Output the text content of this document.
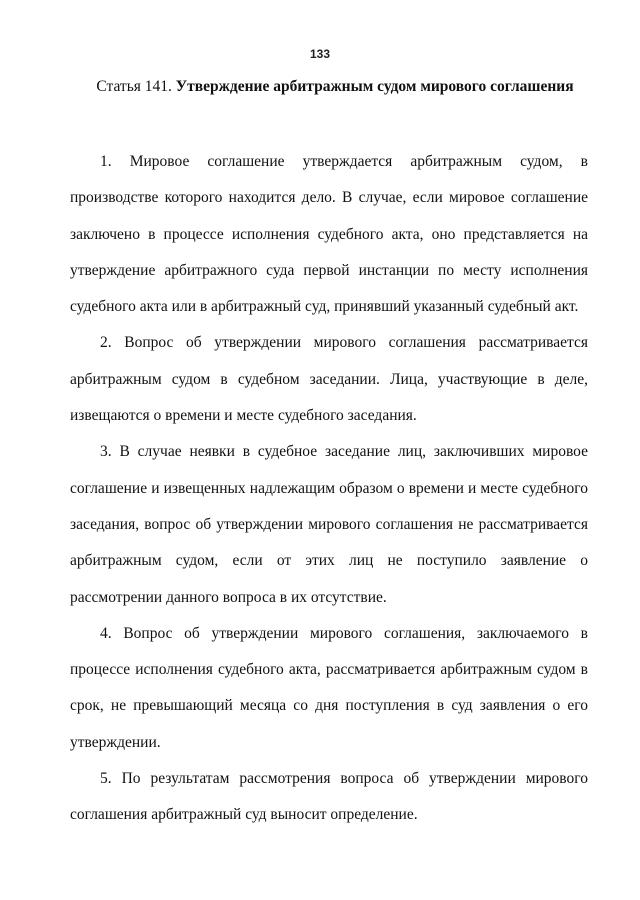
133
Статья 141. Утверждение арбитражным судом мирового соглашения

1. Мировое соглашение утверждается арбитражным судом, в производстве которого находится дело. В случае, если мировое соглашение заключено в процессе исполнения судебного акта, оно представляется на утверждение арбитражного суда первой инстанции по месту исполнения судебного акта или в арбитражный суд, принявший указанный судебный акт.

2. Вопрос об утверждении мирового соглашения рассматривается арбитражным судом в судебном заседании. Лица, участвующие в деле, извещаются о времени и месте судебного заседания.

3. В случае неявки в судебное заседание лиц, заключивших мировое соглашение и извещенных надлежащим образом о времени и месте судебного заседания, вопрос об утверждении мирового соглашения не рассматривается арбитражным судом, если от этих лиц не поступило заявление о рассмотрении данного вопроса в их отсутствие.

4. Вопрос об утверждении мирового соглашения, заключаемого в процессе исполнения судебного акта, рассматривается арбитражным судом в срок, не превышающий месяца со дня поступления в суд заявления о его утверждении.

5. По результатам рассмотрения вопроса об утверждении мирового соглашения арбитражный суд выносит определение.
